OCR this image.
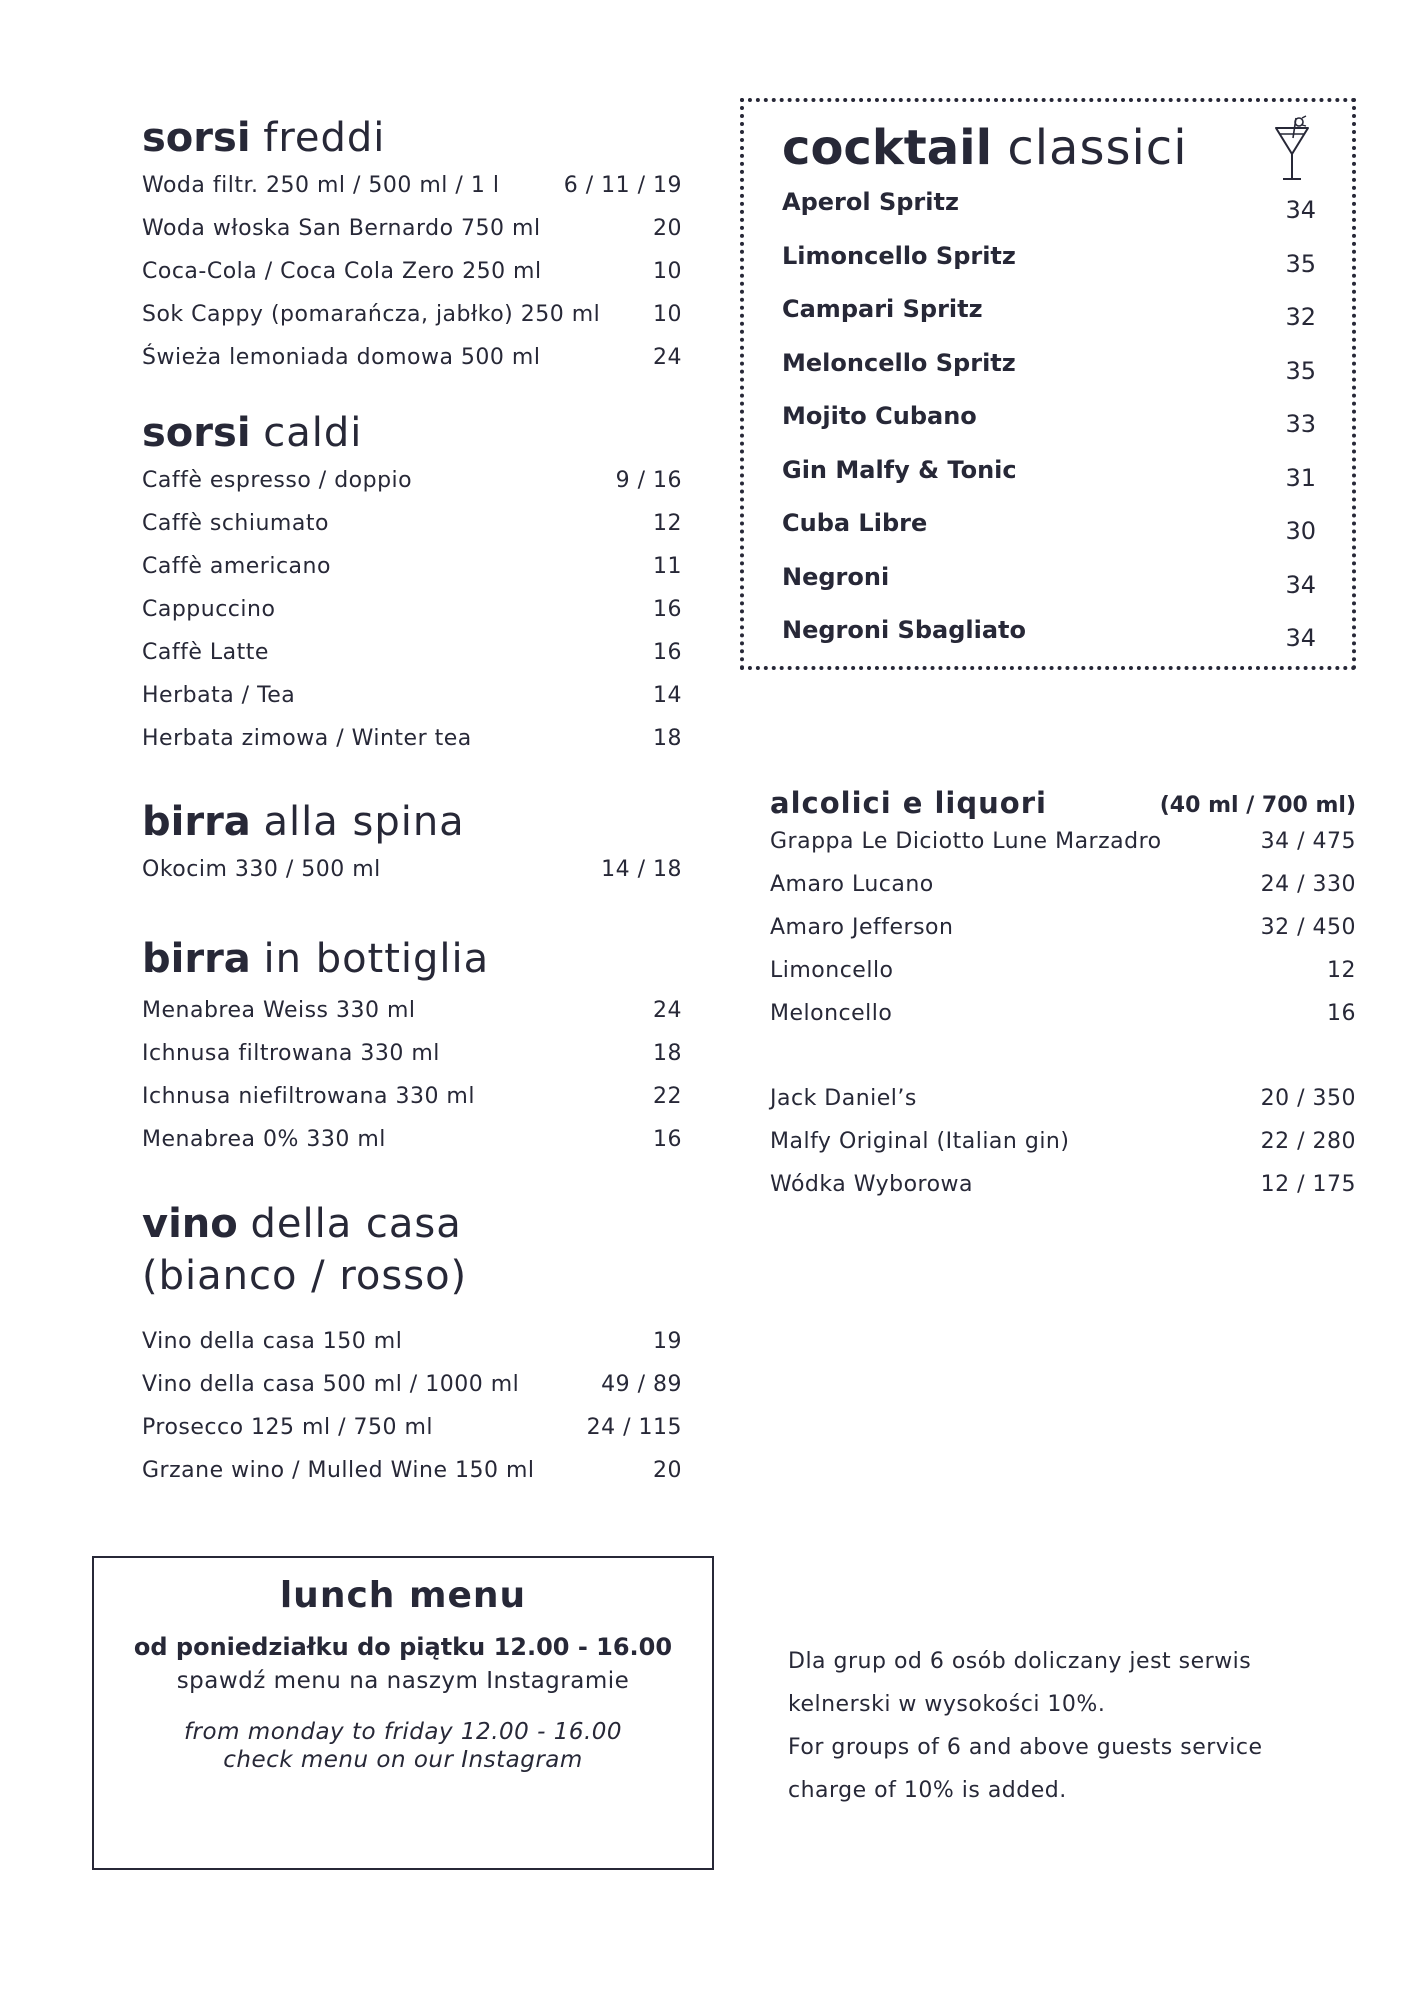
sorsi freddi
Woda filtr. 250 ml / 500 ml / 1 l	6 / 11 / 19
Woda włoska San Bernardo 750 ml	20
Coca-Cola / Coca Cola Zero 250 ml	10
Sok Cappy (pomarańcza, jabłko) 250 ml 10
Świeża lemoniada domowa 500 ml	24
sorsi caldi
Caffè espresso / doppio	9 / 16
Caffè schiumato	12
Caffè americano	11
Cappuccino	16
Caffè Latte	16
Herbata / Tea	14
Herbata zimowa / Winter tea	18
birra alla spina
Okocim 330 / 500 ml	14 / 18
birra in bottiglia
Menabrea Weiss 330 ml	24
Ichnusa filtrowana 330 ml	18
Ichnusa niefiltrowana 330 ml	22
Menabrea 0% 330 ml	16
vino della casa
(bianco / rosso)
Vino della casa 150 ml	19
Vino della casa 500 ml / 1000 ml	49 / 89
Prosecco 125 ml / 750 ml	24 / 115
Grzane wino / Mulled Wine 150 ml	20
cocktail classici
Aperol Spritz	34
Limoncello Spritz	35
Campari Spritz	32
Meloncello Spritz	35
Mojito Cubano	33
Gin Malfy & Tonic	31
Cuba Libre	30
Negroni	34
Negroni Sbagliato	34
alcolici e liquori	(40 ml / 700 ml)
Grappa Le Diciotto Lune Marzadro	34 / 475
Amaro Lucano	24 / 330
Amaro Jefferson	32 / 450
Limoncello	12
Meloncello	16
Jack Daniel’s	20 / 350
Malfy Original (Italian gin)	22 / 280
Wódka Wyborowa	12 / 175
lunch menu
od poniedziałku do piątku 12.00 - 16.00
spawdź menu na naszym Instagramie
from monday to friday 12.00 - 16.00
check menu on our Instagram
Dla grup od 6 osób doliczany jest serwis
kelnerski w wysokości 10%.
For groups of 6 and above guests service
charge of 10% is added.
